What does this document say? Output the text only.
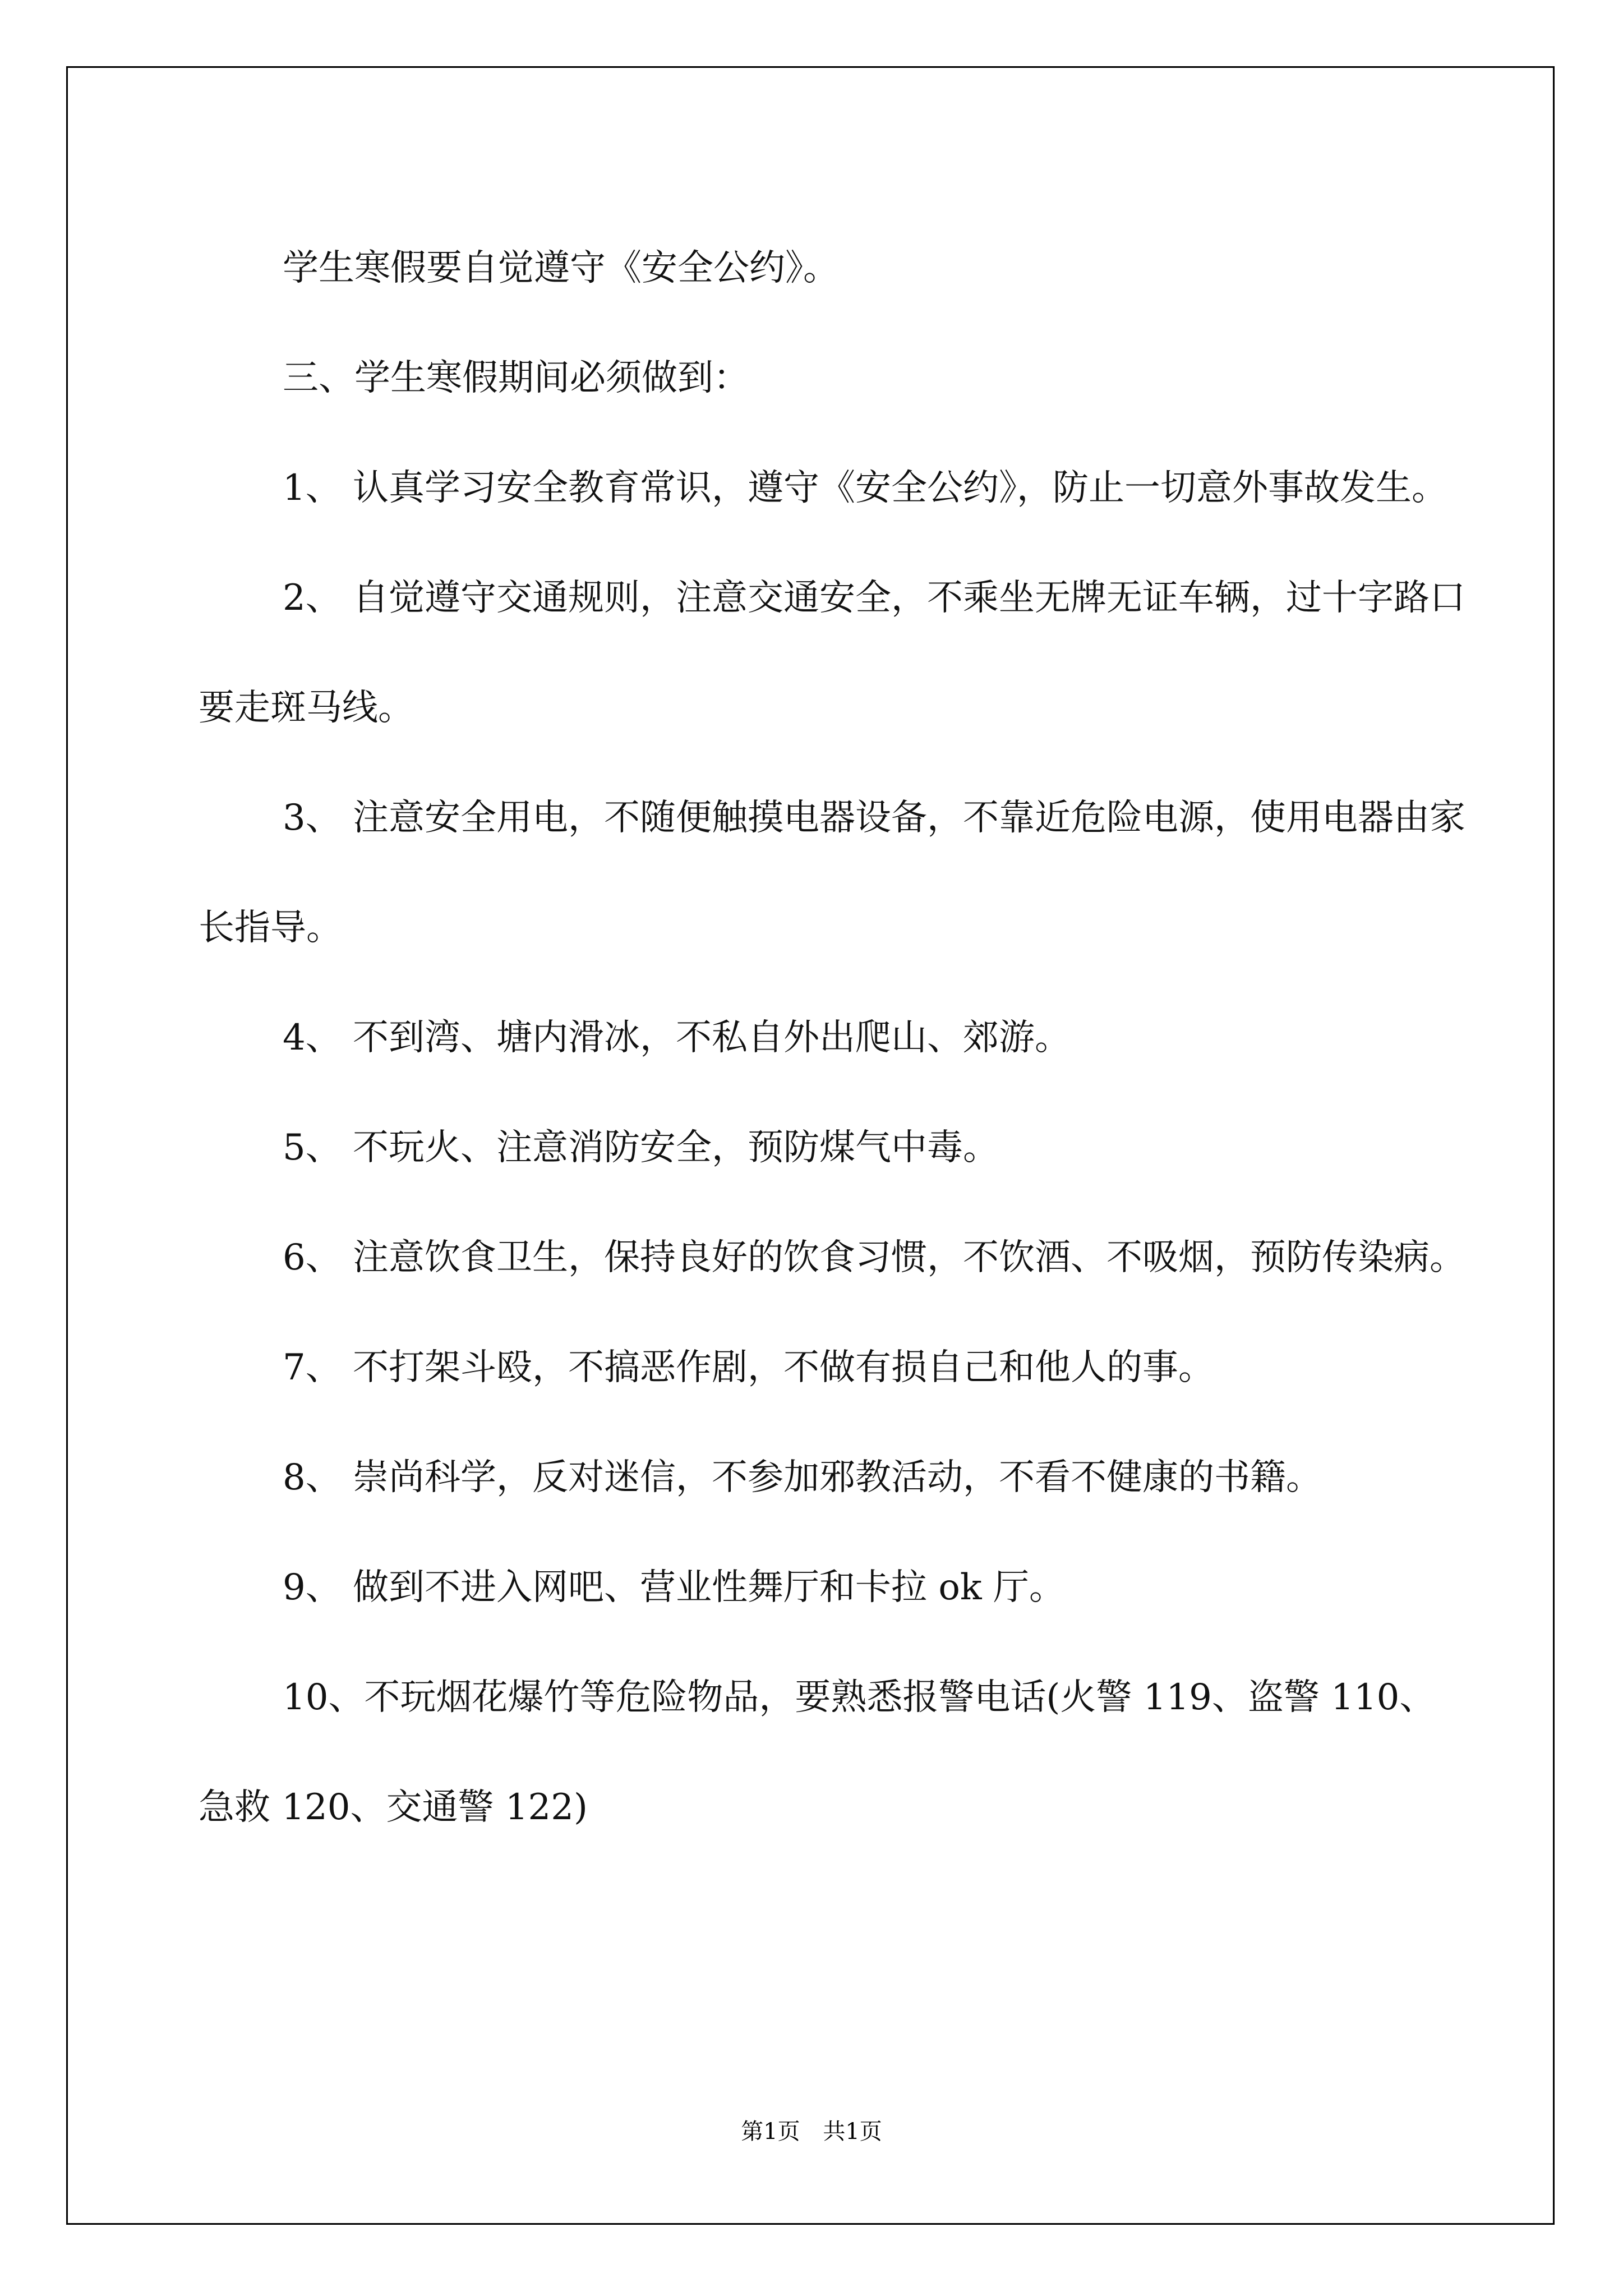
学生寒假要自觉遵守《安全公约》。

三、学生寒假期间必须做到：

1、 认真学习安全教育常识，遵守《安全公约》，防止一切意外事故发生。

2、 自觉遵守交通规则，注意交通安全，不乘坐无牌无证车辆，过十字路口要走斑马线。

3、 注意安全用电，不随便触摸电器设备，不靠近危险电源，使用电器由家长指导。

4、 不到湾、塘内滑冰，不私自外出爬山、郊游。

5、 不玩火、注意消防安全，预防煤气中毒。

6、 注意饮食卫生，保持良好的饮食习惯，不饮酒、不吸烟，预防传染病。

7、 不打架斗殴，不搞恶作剧，不做有损自己和他人的事。

8、 崇尚科学，反对迷信，不参加邪教活动，不看不健康的书籍。

9、 做到不进入网吧、营业性舞厅和卡拉 ok 厅。

10、不玩烟花爆竹等危险物品，要熟悉报警电话(火警 119、盗警 110、急救 120、交通警 122)

第1页 共1页
